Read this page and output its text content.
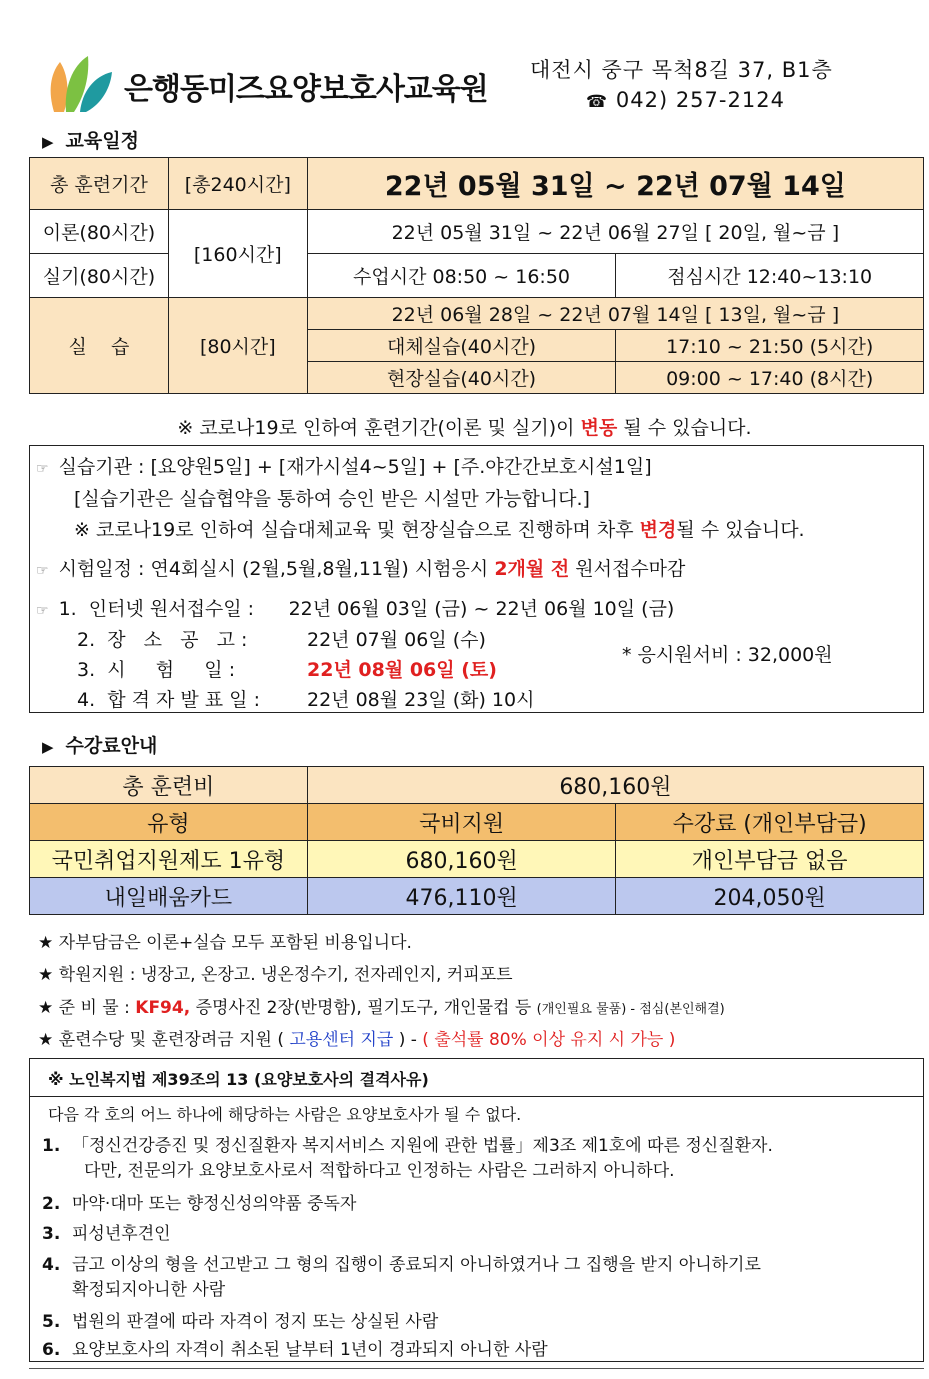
은행동미즈요양보호사교육원
대전시 중구 목척8길 37, B1층
☎ 042) 257-2124
▶ 교육일정
총 훈련기간	[총240시간]	22년 05월 31일 ~ 22년 07월 14일	
이론(80시간)	[160시간]	22년 05월 31일 ~ 22년 06월 27일 [ 20일, 월~금 ]	
실기(80시간)		수업시간 08:50 ~ 16:50	점심시간 12:40~13:10
실    습	[80시간]	22년 06월 28일 ~ 22년 07월 14일 [ 13일, 월~금 ]	
		대체실습(40시간)	17:10 ~ 21:50 (5시간)
		현장실습(40시간)	09:00 ~ 17:40 (8시간)
※ 코로나19로 인하여 훈련기간(이론 및 실기)이 변동 될 수 있습니다.
☞ 실습기관 : [요양원5일] + [재가시설4~5일] + [주.야간간보호시설1일]
[실습기관은 실습협약을 통하여 승인 받은 시설만 가능합니다.]
※ 코로나19로 인하여 실습대체교육 및 현장실습으로 진행하며 차후 변경될 수 있습니다.
☞ 시험일정 : 연4회실시 (2월,5월,8월,11월) 시험응시 2개월 전 원서접수마감
☞ 1.  인터넷 원서접수일 : 22년 06월 03일 (금) ~ 22년 06월 10일 (금)
2.  장   소   공   고 :	22년 07월 06일 (수)
3.  시     험     일 :	22년 08월 06일 (토)
4.  합 격 자 발 표 일 : 22년 08월 23일 (화) 10시
* 응시원서비 : 32,000원
▶ 수강료안내
총 훈련비	680,160원	
유형	국비지원	수강료 (개인부담금)
국민취업지원제도 1유형	680,160원	개인부담금 없음
내일배움카드	476,110원	204,050원
★ 자부담금은 이론+실습 모두 포함된 비용입니다.
★ 학원지원 : 냉장고, 온장고. 냉온정수기, 전자레인지, 커피포트
★ 준 비 물 : KF94, 증명사진 2장(반명함), 필기도구, 개인물컵 등 (개인필요 물품) - 점심(본인해결)
★ 훈련수당 및 훈련장려금 지원 ( 고용센터 지급 ) - ( 출석률 80% 이상 유지 시 가능 )
※ 노인복지법 제39조의 13 (요양보호사의 결격사유)
다음 각 호의 어느 하나에 해당하는 사람은 요양보호사가 될 수 없다.
1. 「정신건강증진 및 정신질환자 복지서비스 지원에 관한 법률」제3조 제1호에 따른 정신질환자.
다만, 전문의가 요양보호사로서 적합하다고 인정하는 사람은 그러하지 아니하다.
2. 마약·대마 또는 향정신성의약품 중독자
3. 피성년후견인
4. 금고 이상의 형을 선고받고 그 형의 집행이 종료되지 아니하였거나 그 집행을 받지 아니하기로
확정되지아니한 사람
5. 법원의 판결에 따라 자격이 정지 또는 상실된 사람
6. 요양보호사의 자격이 취소된 날부터 1년이 경과되지 아니한 사람
